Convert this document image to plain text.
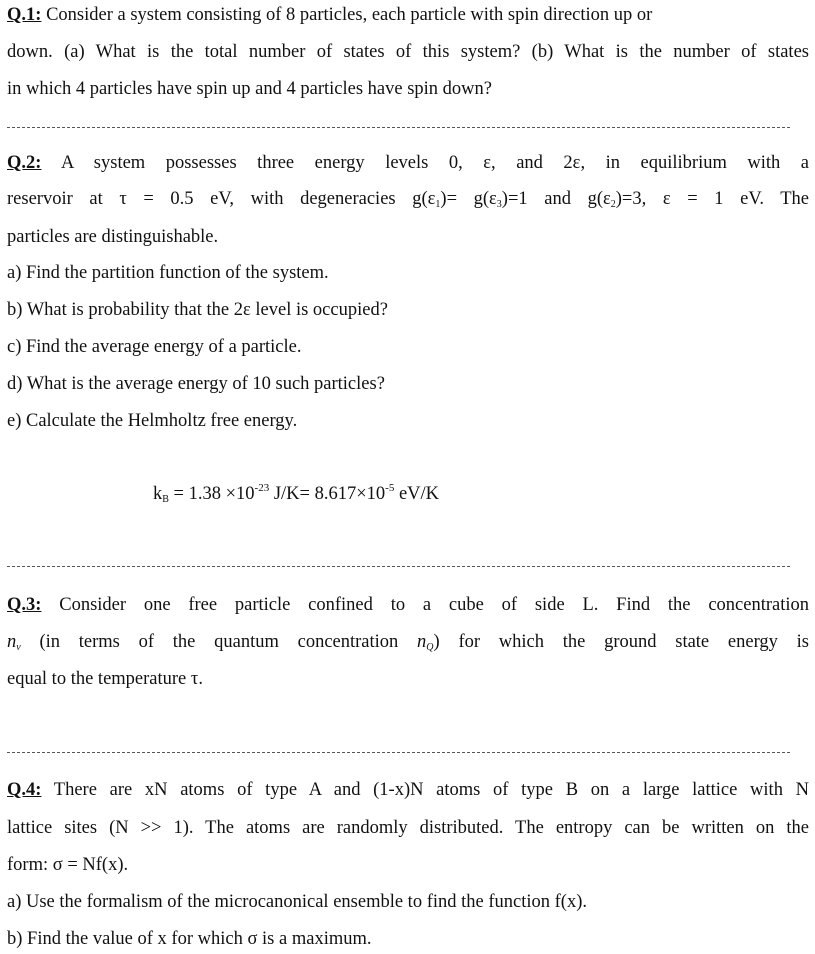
Q.1: Consider a system consisting of 8 particles, each particle with spin direction up or
down. (a) What is the total number of states of this system? (b) What is the number of states
in which 4 particles have spin up and 4 particles have spin down?
Q.2: A system possesses three energy levels 0, ε, and 2ε, in equilibrium with a
reservoir at τ = 0.5 eV, with degeneracies $g(\varepsilon_1)= g(\varepsilon_3)=1$ and $g(\varepsilon_2)=3$, ε = 1 eV. The
particles are distinguishable.
a) Find the partition function of the system.
b) What is probability that the 2ε level is occupied?
c) Find the average energy of a particle.
d) What is the average energy of 10 such particles?
e) Calculate the Helmholtz free energy.
$k_B = 1.38 \times 10^{-23}$ $J/K= 8.617\times 10^{-5}$ eV/K
Q.3: Consider one free particle confined to a cube of side L. Find the concentration
$n_v$ (in terms of the quantum concentration $n_Q$) for which the ground state energy is
equal to the temperature τ.
Q.4: There are xN atoms of type A and (1-x)N atoms of type B on a large lattice with N
lattice sites (N >> 1). The atoms are randomly distributed. The entropy can be written on the
form: σ = Nf(x).
a) Use the formalism of the microcanonical ensemble to find the function f(x).
b) Find the value of x for which σ is a maximum.
